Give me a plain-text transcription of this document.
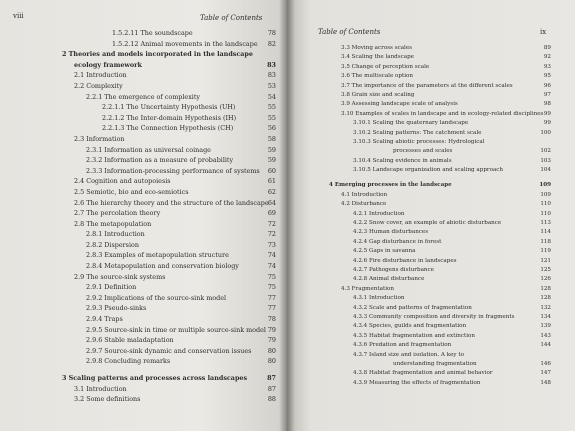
viii	Table of Contents
1.5.2.11 The soundscape	78
1.5.2.12 Animal movements in the landscape 82
2 Theories and models incorporated in the landscape
ecology framework	83
2.1 Introduction	83
2.2 Complexity	53
2.2.1 The emergence of complexity	54
2.2.1.1 The Uncertainty Hypothesis (UH)	55
2.2.1.2 The Inter-domain Hypothesis (IH)	55
2.2.1.3 The Connection Hypothesis (CH)	56
2.3 Information	58
2.3.1 Information as universal coinage	59
2.3.2 Information as a measure of probability	59
2.3.3 Information-processing performance of systems 60
2.4 Cognition and autopoiesis	61
2.5 Semiotic, bio and eco-semiotics	62
2.6 The hierarchy theory and the structure of the landscape 64
2.7 The percolation theory	69
2.8 The metapopulation	72
2.8.1 Introduction	72
2.8.2 Dispersion	73
2.8.3 Examples of metapopulation structure	74
2.8.4 Metapopulation and conservation biology	74
2.9 The source-sink systems	75
2.9.1 Definition	75
2.9.2 Implications of the source-sink model	77
2.9.3 Pseudo-sinks	77
2.9.4 Traps	78
2.9.5 Source-sink in time or multiple source-sink model 79
2.9.6 Stable maladaptation	79
2.9.7 Source-sink dynamic and conservation issues	80
2.9.8 Concluding remarks	80
3 Scaling patterns and processes across landscapes	87
3.1 Introduction	87
3.2 Some definitions	88
Table of Contents	ix
3.3 Moving across scales	89
3.4 Scaling the landscape	92
3.5 Change of perception scale	93
3.6 The multiscale option	95
3.7 The importance of the parameters at the different scales	96
3.8 Grain size and scaling	97
3.9 Assessing landscape scale of analysis	98
3.10 Examples of scales in landscape and in ecology-related disciplines 99
3.10.1 Scaling the quaternary landscape	99
3.10.2 Scaling patterns: The catchment scale	100
3.10.3 Scaling abiotic processes: Hydrological
processes and scales	102
3.10.4 Scaling evidence in animals	103
3.10.5 Landscape organization and scaling approach	104
4 Emerging processes in the landscape	109
4.1 Introduction	109
4.2 Disturbance	110
4.2.1 Introduction	110
4.2.2 Snow cover, an example of abiotic disturbance	113
4.2.3 Human disturbances	114
4.2.4 Gap disturbance in forest	118
4.2.5 Gaps in savanna	119
4.2.6 Fire disturbance in landscapes	121
4.2.7 Pathogens disturbance	125
4.2.8 Animal disturbance	126
4.3 Fragmentation	128
4.3.1 Introduction	128
4.3.2 Scale and patterns of fragmentation	132
4.3.3 Community composition and diversity in fragments	134
4.3.4 Species, guilds and fragmentation	139
4.3.5 Habitat fragmentation and extinction	143
4.3.6 Predation and fragmentation	144
4.3.7 Island size and isolation. A key to
understanding fragmentation	146
4.3.8 Habitat fragmentation and animal behavior	147
4.3.9 Measuring the effects of fragmentation	148
